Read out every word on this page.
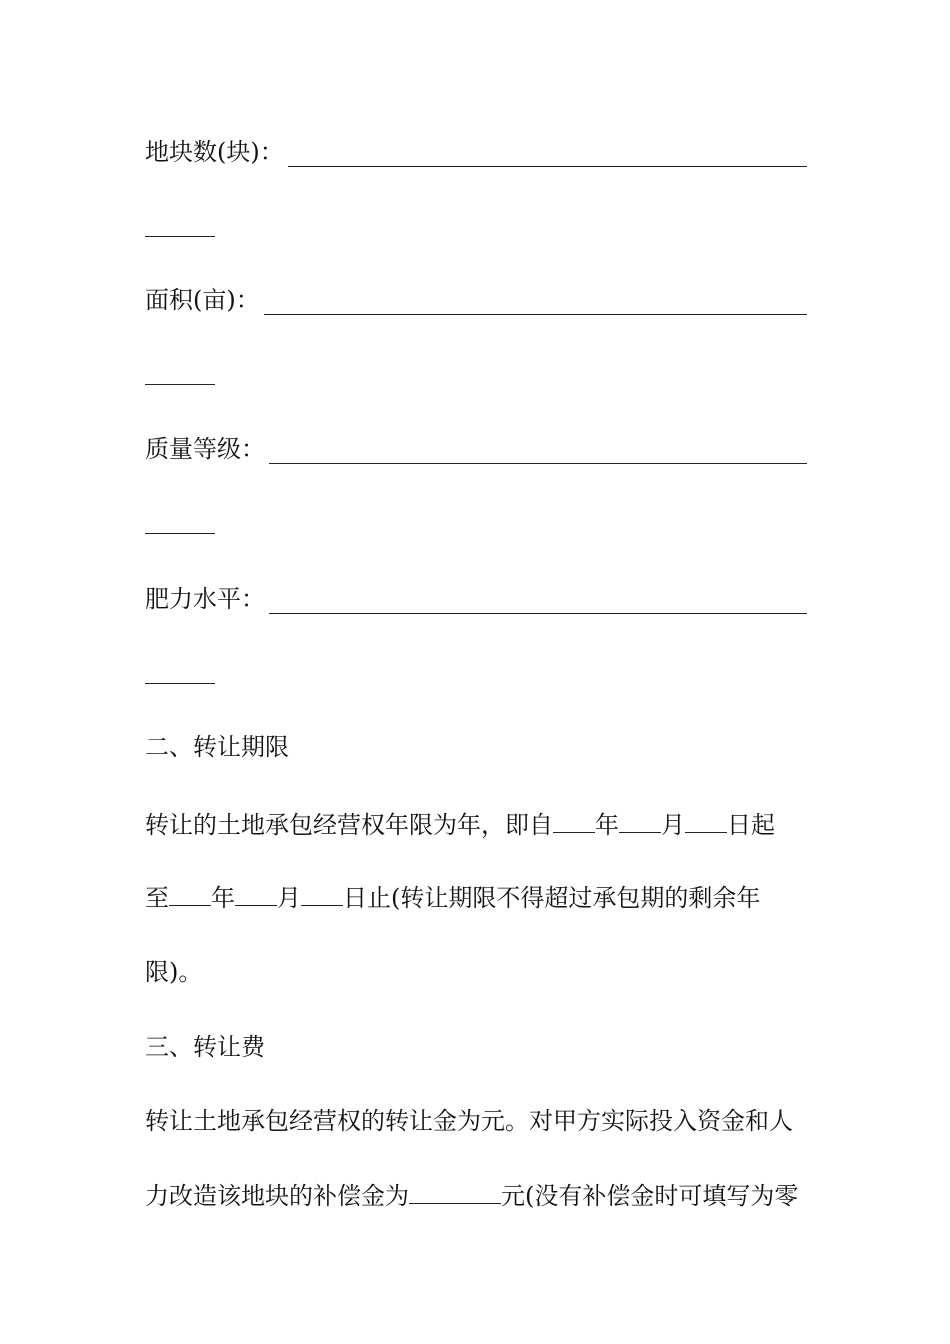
地块数(块)：
面积(亩)：
质量等级：
肥力水平：
二、转让期限
转让的土地承包经营权年限为年，即自 年 月 日起
至 年 月 日止(转让期限不得超过承包期的剩余年
限)。
三、转让费
转让土地承包经营权的转让金为元。对甲方实际投入资金和人
力改造该地块的补偿金为	元(没有补偿金时可填写为零
